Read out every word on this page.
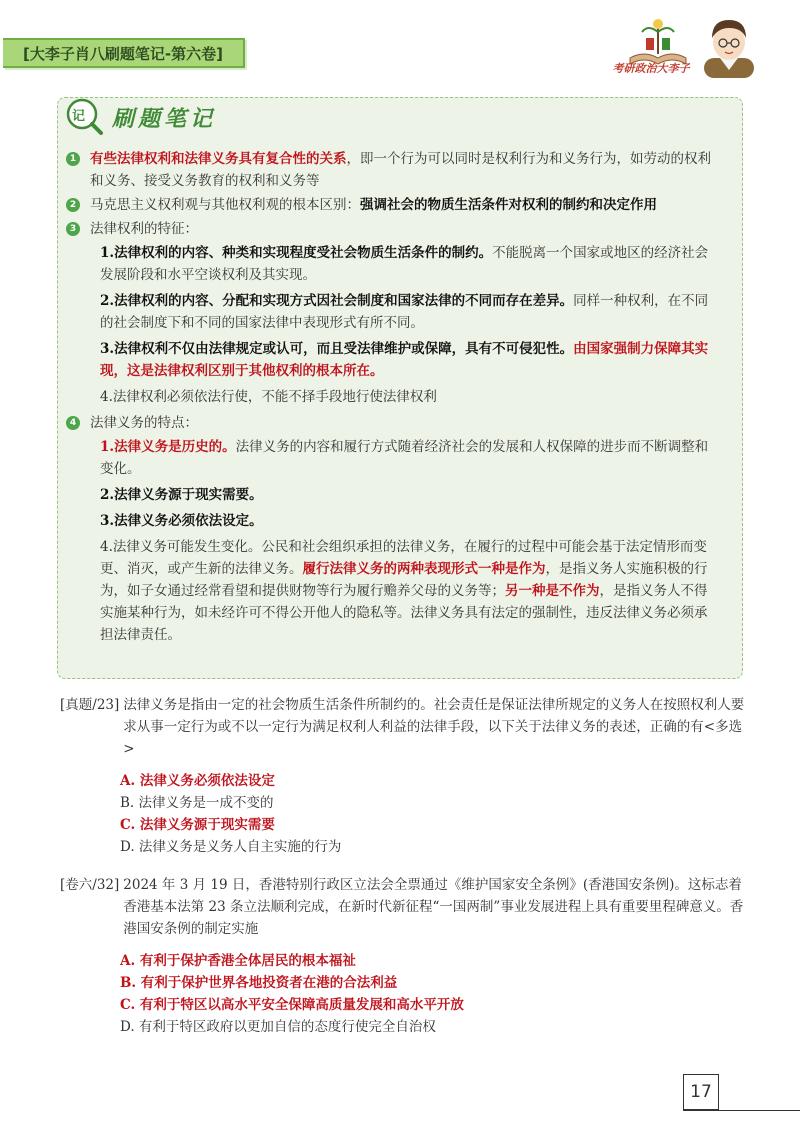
[大李子肖八刷题笔记-第六卷]
考研政治大李子
记 刷题笔记
1 有些法律权利和法律义务具有复合性的关系，即一个行为可以同时是权利行为和义务行为，如劳动的权利和义务、接受义务教育的权利和义务等
2 马克思主义权利观与其他权利观的根本区别：强调社会的物质生活条件对权利的制约和决定作用
3 法律权利的特征：
1.法律权利的内容、种类和实现程度受社会物质生活条件的制约。不能脱离一个国家或地区的经济社会发展阶段和水平空谈权利及其实现。
2.法律权利的内容、分配和实现方式因社会制度和国家法律的不同而存在差异。同样一种权利，在不同的社会制度下和不同的国家法律中表现形式有所不同。
3.法律权利不仅由法律规定或认可，而且受法律维护或保障，具有不可侵犯性。由国家强制力保障其实现，这是法律权利区别于其他权利的根本所在。
4.法律权利必须依法行使，不能不择手段地行使法律权利
4 法律义务的特点：
1.法律义务是历史的。法律义务的内容和履行方式随着经济社会的发展和人权保障的进步而不断调整和变化。
2.法律义务源于现实需要。
3.法律义务必须依法设定。
4.法律义务可能发生变化。公民和社会组织承担的法律义务，在履行的过程中可能会基于法定情形而变更、消灭，或产生新的法律义务。履行法律义务的两种表现形式一种是作为，是指义务人实施积极的行为，如子女通过经常看望和提供财物等行为履行赡养父母的义务等；另一种是不作为，是指义务人不得实施某种行为，如未经许可不得公开他人的隐私等。法律义务具有法定的强制性，违反法律义务必须承担法律责任。
[真题/23] 法律义务是指由一定的社会物质生活条件所制约的。社会责任是保证法律所规定的义务人在按照权利人要求从事一定行为或不以一定行为满足权利人利益的法律手段，以下关于法律义务的表述，正确的有<多选>
A. 法律义务必须依法设定
B. 法律义务是一成不变的
C. 法律义务源于现实需要
D. 法律义务是义务人自主实施的行为
[卷六/32] 2024 年 3 月 19 日，香港特别行政区立法会全票通过《维护国家安全条例》(香港国安条例)。这标志着香港基本法第 23 条立法顺利完成，在新时代新征程“一国两制”事业发展进程上具有重要里程碑意义。香港国安条例的制定实施
A. 有利于保护香港全体居民的根本福祉
B. 有利于保护世界各地投资者在港的合法利益
C. 有利于特区以高水平安全保障高质量发展和高水平开放
D. 有利于特区政府以更加自信的态度行使完全自治权
17
